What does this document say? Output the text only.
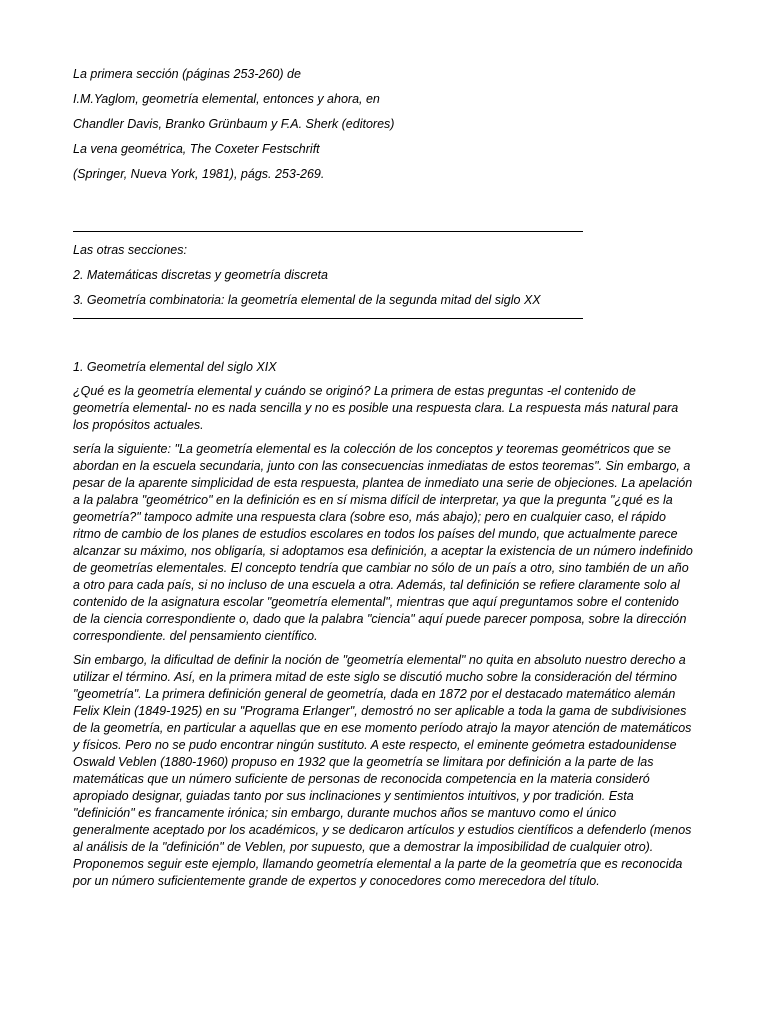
La primera sección (páginas 253-260) de

I.M.Yaglom, geometría elemental, entonces y ahora, en

Chandler Davis, Branko Grünbaum y F.A. Sherk (editores)

La vena geométrica, The Coxeter Festschrift

(Springer, Nueva York, 1981), págs. 253-269.

Las otras secciones:

2. Matemáticas discretas y geometría discreta

3. Geometría combinatoria: la geometría elemental de la segunda mitad del siglo XX

1. Geometría elemental del siglo XIX

¿Qué es la geometría elemental y cuándo se originó? La primera de estas preguntas -el contenido de geometría elemental- no es nada sencilla y no es posible una respuesta clara. La respuesta más natural para los propósitos actuales.

sería la siguiente: "La geometría elemental es la colección de los conceptos y teoremas geométricos que se abordan en la escuela secundaria, junto con las consecuencias inmediatas de estos teoremas". Sin embargo, a pesar de la aparente simplicidad de esta respuesta, plantea de inmediato una serie de objeciones. La apelación a la palabra "geométrico" en la definición es en sí misma difícil de interpretar, ya que la pregunta "¿qué es la geometría?" tampoco admite una respuesta clara (sobre eso, más abajo); pero en cualquier caso, el rápido ritmo de cambio de los planes de estudios escolares en todos los países del mundo, que actualmente parece alcanzar su máximo, nos obligaría, si adoptamos esa definición, a aceptar la existencia de un número indefinido de geometrías elementales. El concepto tendría que cambiar no sólo de un país a otro, sino también de un año a otro para cada país, si no incluso de una escuela a otra. Además, tal definición se refiere claramente solo al contenido de la asignatura escolar "geometría elemental", mientras que aquí preguntamos sobre el contenido de la ciencia correspondiente o, dado que la palabra "ciencia" aquí puede parecer pomposa, sobre la dirección correspondiente. del pensamiento científico.

Sin embargo, la dificultad de definir la noción de "geometría elemental" no quita en absoluto nuestro derecho a utilizar el término. Así, en la primera mitad de este siglo se discutió mucho sobre la consideración del término "geometría". La primera definición general de geometría, dada en 1872 por el destacado matemático alemán Felix Klein (1849-1925) en su "Programa Erlanger", demostró no ser aplicable a toda la gama de subdivisiones de la geometría, en particular a aquellas que en ese momento período atrajo la mayor atención de matemáticos y físicos. Pero no se pudo encontrar ningún sustituto. A este respecto, el eminente geómetra estadounidense Oswald Veblen (1880-1960) propuso en 1932 que la geometría se limitara por definición a la parte de las matemáticas que un número suficiente de personas de reconocida competencia en la materia consideró apropiado designar, guiadas tanto por sus inclinaciones y sentimientos intuitivos, y por tradición. Esta "definición" es francamente irónica; sin embargo, durante muchos años se mantuvo como el único generalmente aceptado por los académicos, y se dedicaron artículos y estudios científicos a defenderlo (menos al análisis de la "definición" de Veblen, por supuesto, que a demostrar la imposibilidad de cualquier otro). Proponemos seguir este ejemplo, llamando geometría elemental a la parte de la geometría que es reconocida por un número suficientemente grande de expertos y conocedores como merecedora del título.
